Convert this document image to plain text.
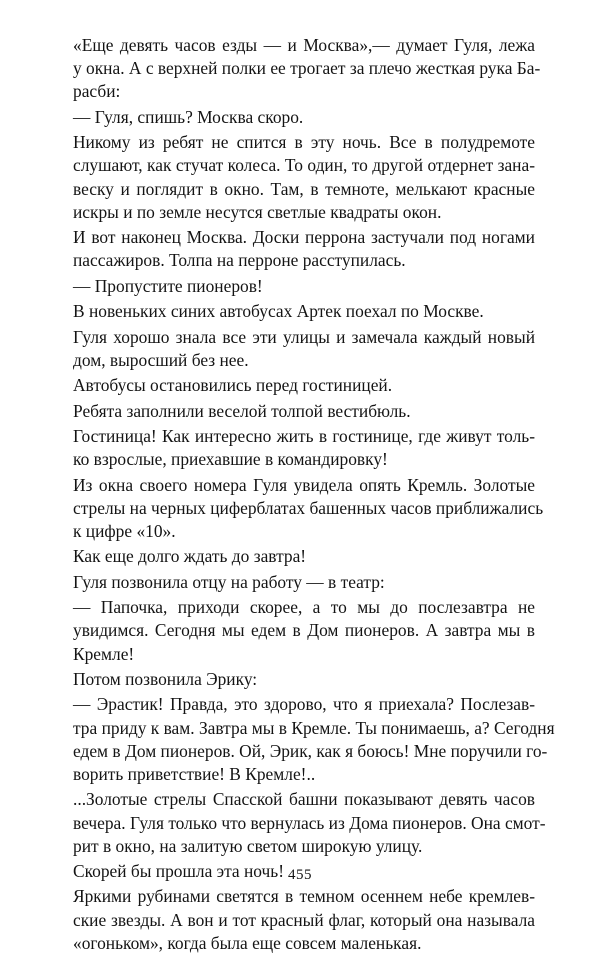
«Еще девять часов езды — и Москва»,— думает Гуля, лежа
у окна. А с верхней полки ее трогает за плечо жесткая рука Ба-
расби:

— Гуля, спишь? Москва скоро.

Никому из ребят не спится в эту ночь. Все в полудремоте
слушают, как стучат колеса. То один, то другой отдернет зана-
веску и поглядит в окно. Там, в темноте, мелькают красные
искры и по земле несутся светлые квадраты окон.

И вот наконец Москва. Доски перрона застучали под ногами
пассажиров. Толпа на перроне расступилась.

— Пропустите пионеров!

В новеньких синих автобусах Артек поехал по Москве.

Гуля хорошо знала все эти улицы и замечала каждый новый
дом, выросший без нее.

Автобусы остановились перед гостиницей.

Ребята заполнили веселой толпой вестибюль.

Гостиница! Как интересно жить в гостинице, где живут толь-
ко взрослые, приехавшие в командировку!

Из окна своего номера Гуля увидела опять Кремль. Золотые
стрелы на черных циферблатах башенных часов приближались
к цифре «10».

Как еще долго ждать до завтра!

Гуля позвонила отцу на работу — в театр:

— Папочка, приходи скорее, а то мы до послезавтра не
увидимся. Сегодня мы едем в Дом пионеров. А завтра мы в
Кремле!

Потом позвонила Эрику:

— Эрастик! Правда, это здорово, что я приехала? Послезав-
тра приду к вам. Завтра мы в Кремле. Ты понимаешь, а? Сегодня
едем в Дом пионеров. Ой, Эрик, как я боюсь! Мне поручили го-
ворить приветствие! В Кремле!..

...Золотые стрелы Спасской башни показывают девять часов
вечера. Гуля только что вернулась из Дома пионеров. Она смот-
рит в окно, на залитую светом широкую улицу.

Скорей бы прошла эта ночь!

Яркими рубинами светятся в темном осеннем небе кремлев-
ские звезды. А вон и тот красный флаг, который она называла
«огоньком», когда была еще совсем маленькая.

455
